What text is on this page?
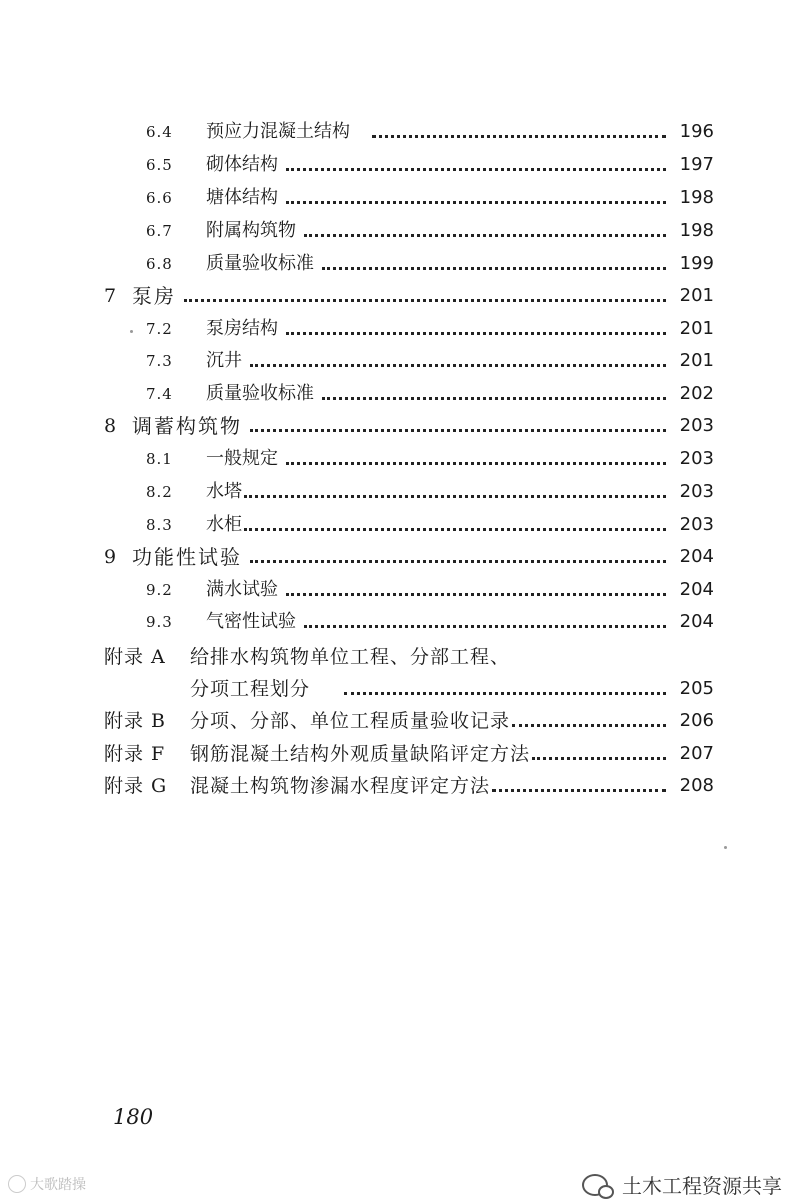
6.4	预应力混凝土结构	196
6.5	砌体结构	197
6.6	塘体结构	198
6.7	附属构筑物	198
6.8	质量验收标准	199
7 泵房	201
7.2	泵房结构	201
7.3	沉井	201
7.4	质量验收标准	202
8 调蓄构筑物	203
8.1	一般规定	203
8.2	水塔	203
8.3	水柜	203
9 功能性试验	204
9.2	满水试验	204
9.3	气密性试验	204
附录 A	给排水构筑物单位工程、分部工程、
分项工程划分	205
附录 B	分项、分部、单位工程质量验收记录	206
附录 F	钢筋混凝土结构外观质量缺陷评定方法	207
附录 G	混凝土构筑物渗漏水程度评定方法	208
180
大歌踏操	土木工程资源共享
